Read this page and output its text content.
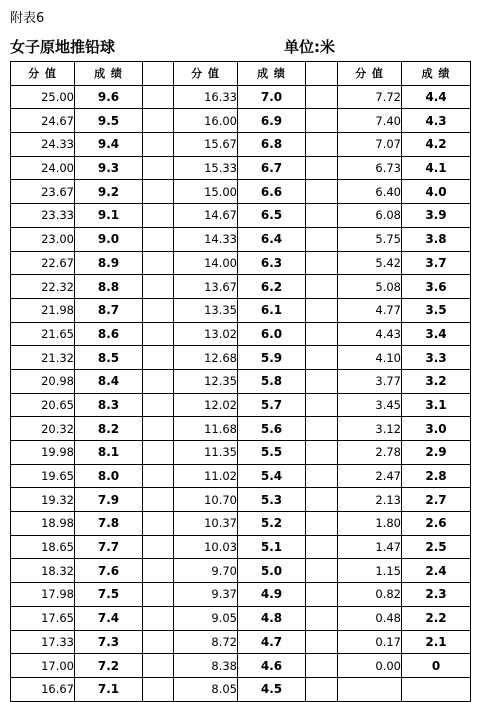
附表6
女子原地推铅球	单位:米
分 值	成 绩		分 值	成 绩		分 值	成 绩
25.00	9.6		16.33	7.0		7.72	4.4
24.67	9.5		16.00	6.9		7.40	4.3
24.33	9.4		15.67	6.8		7.07	4.2
24.00	9.3		15.33	6.7		6.73	4.1
23.67	9.2		15.00	6.6		6.40	4.0
23.33	9.1		14.67	6.5		6.08	3.9
23.00	9.0		14.33	6.4		5.75	3.8
22.67	8.9		14.00	6.3		5.42	3.7
22.32	8.8		13.67	6.2		5.08	3.6
21.98	8.7		13.35	6.1		4.77	3.5
21.65	8.6		13.02	6.0		4.43	3.4
21.32	8.5		12.68	5.9		4.10	3.3
20.98	8.4		12.35	5.8		3.77	3.2
20.65	8.3		12.02	5.7		3.45	3.1
20.32	8.2		11.68	5.6		3.12	3.0
19.98	8.1		11.35	5.5		2.78	2.9
19.65	8.0		11.02	5.4		2.47	2.8
19.32	7.9		10.70	5.3		2.13	2.7
18.98	7.8		10.37	5.2		1.80	2.6
18.65	7.7		10.03	5.1		1.47	2.5
18.32	7.6		9.70	5.0		1.15	2.4
17.98	7.5		9.37	4.9		0.82	2.3
17.65	7.4		9.05	4.8		0.48	2.2
17.33	7.3		8.72	4.7		0.17	2.1
17.00	7.2		8.38	4.6		0.00	0
16.67	7.1		8.05	4.5			
